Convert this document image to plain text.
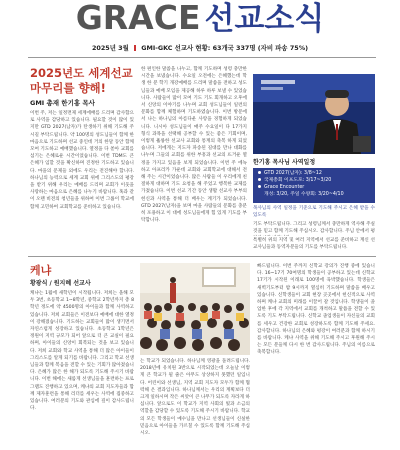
GRACE 선교소식
2025년 3월 GMI-GKC 선교사 현황: 63개국 337명 (자비 파송 75%)
2025년도 세계선교 마무리를 향해!
GMI 총재 한기홍 목사
이번 주, 저는 일정면제 세계에배를 드리며 감사함으로 사역을 감당하고 있습니다. 필요할 것이 많이 있지만 GTD 2027(남자)가 탄생하기 위해 기도해 주시길 부탁드립니다. 약 100명의 성도님들이 함께 한마음으로 기도하며 선교 중인데 거의 한달 동안 함께 모여 기도하고 예배했습니다. 열정을 다 쏟아 교회를 섬기는 은혜로운 시간이었습니다. 이번 TDM도 큰 은혜가 임할 것을 확신하며 진정한 기도하고 있습니다. 마을의 문제들 외에도 우리는 전진해야 합니다. 하나님의 능력으로 세계 교회 위에 그리스도의 평강을 받기 위해 우리는 예배를 드리며 교회가 이웃을 사랑하는 마음으로 은혜를 나누기 바랍니다. 혹과 같이 오랜 비전의 청년들을 위하여 이번 그룹이 학교에 함께 고민하여 교회학교를 준비하고 있습니다.
한 편인한 말씀을 나누고, 함께 기도하며 성령 충만한 시간을 보냈습니다. 수요일 오전에는 은혜했는데 학생 한 분 학기 개강예배를 드리며 말씀을 전하고 성도님들과 예배 모임을 제공해 하루 하루 보낼 수 있었습니다. 사람들이 많이 모여 기도 기도 회개하고 오후에서 신앙의 이야기를 나누며 교회 성도님들이 일련의 문화를 함께 체험하며 기도하였습니다. 이번 방문에서 나는 하나님의 아름다운 사랑을 경험하게 되었습니다. 니시아 성도님들이 매주 수요일이 다 17가지 형식 과목을 선택해 공부할 수 있는 좋은 기회이며, 이렇게 훌륭한 선교사 교회와 통계의 축복 하게 되었습니다. 저에게는 지도자 파송된 길대를 만나 대화를 나누며 그들의 교회를 위한 부흥과 선교의 뜨거운 열정을 가지고 있음을 보게 되었습니다. 이번 주 에녹 하고 아프리카 가운데 교회와 교회학교에 대해서 전해 주는 시간이었습니다. 많은 사람들 이 우리에게 친절하게 대하며 기도 요청을 해 주었고 행복한 교제를 가졌습니다. 이번 선교 기간 동안 생활 선교사 부부의 헌신과 사역을 통해 더 배우는 계기가 되었습니다. GTD 2027(남자)을 보며 마을 사람들의 문화를 충분히 포용하고 이 대에 성도님들에게 힘 있게 기도를 부탁합니다.
한기홍 목사님 사역일정
GTD 2027(남자): 3/8~12
국제총회 이프도포: 3/17~3/20
Grace Encounter
개성: 3/20, 주일 수양회: 3/20~4/10
목사님의 사역 일정을 기준으로 기도해 주시고 은혜 받을 수 있도록
기도 부탁드립니다. 그리고 성령님께서 충만하게 역사해 주실 것을 믿고 함께 기도해 주십시오. 감사합니다. 주님 안에서 평
특별히 위의 지역 및 여러 지역에서 선교를 준비하고 계신 선교사님들과 동역자분들의 기도를 부탁드립니다.
케냐
황광식 / 원지혜 선교사
케냐는 1월에 새학년이 시작됩니다. 저희는 올해 모두 3번, 초등학교 1~8학년, 중학교 2학년까지 총 8학년 정도에 약 4500명의 아이들과 함께 사역하고 있습니다. 저희 교회들은 이전보다 예배에 대한 열정이 강해졌습니다. 기도하는 교회들이 많이 생기면서 자연스럽게 성장하고 있습니다. 초등학교 1학년은 정원이 지역 규모가 되어 앞으로 더 큰 교실이 필요하며, 아이들의 신앙이 회복되는 것을 보고 있습니다. 저희 교회와 학교 사역을 통해 더 많은 아이들이 그리스도를 알게 되기를 바랍니다. 그리고 학교 선생님들과 함께 복음을 전할 수 있는 기회가 많아졌습니다. 은혜가 많은 한 해가 되도록 기도해 주시기 바랍니다. 이번 해에는 새롭게 선생님들을 훈련하는 프로그램도 진행하고 있으며, 케냐의 교회 지도자들과 함께 제자훈련을 통해 리더를 세우는 사역에 집중하고 있습니다. 여러분의 기도와 관심에 깊이 감사드립니다.
는 학교가 되었습니다. 하나님께 영광을 돌려드립니다. 2018년에 유치원 3반으로 시작되었는데 오늘날 이렇게 큰 학교가 될 줄은 아무도 상상하지 못했던 일입니다. 어린이와 선생님, 지역 교회 지도자 모두가 함께 협력해 온 결과입니다. 하나님께서는 우리의 계획보다 더 크게 일하시며 작은 씨앗이 큰 나무가 되도록 자라게 하십니다. 앞으로도 이 학교가 지역 사회의 빛과 소금의 역할을 감당할 수 있도록 기도해 주시기 바랍니다. 학교의 모든 학생들이 예수님을 만나고 선생님들이 신실한 믿음으로 아이들을 가르칠 수 있도록 함께 기도해 주십시오.
빠드립니다. 이번 주까지 신학교 강의가 진행 중에 있습니다. 16~17기 70여명의 학생들이 공부하고 있는데 신학교 17기가 시작된 이래로 100명에 육박했습니다. 학생들은 새벽기도부터 밤 9시까지 열심히 기도하며 말씀을 배우고 있습니다. 신학생들이 교회 현장 곳곳에서 헌신적으로 사역하며 케냐 교회의 미래를 이끌어 갈 것입니다. 학생들이 졸업한 후에 각 지역에서 교회를 개척하고 말씀을 전할 수 있도록 기도 부탁드립니다. 신학교 졸업생들이 자신들의 교회를 세우고 건강한 교회로 성장하도록 함께 기도해 주세요. 감사합니다. 하나님의 은혜와 평강이 여러분과 함께 하시기를 바랍니다. 케냐 사역을 위해 기도해 주시고 후원해 주시는 모든 분들께 다시 한 번 감사드립니다. 주님의 이름으로 축복합니다.
